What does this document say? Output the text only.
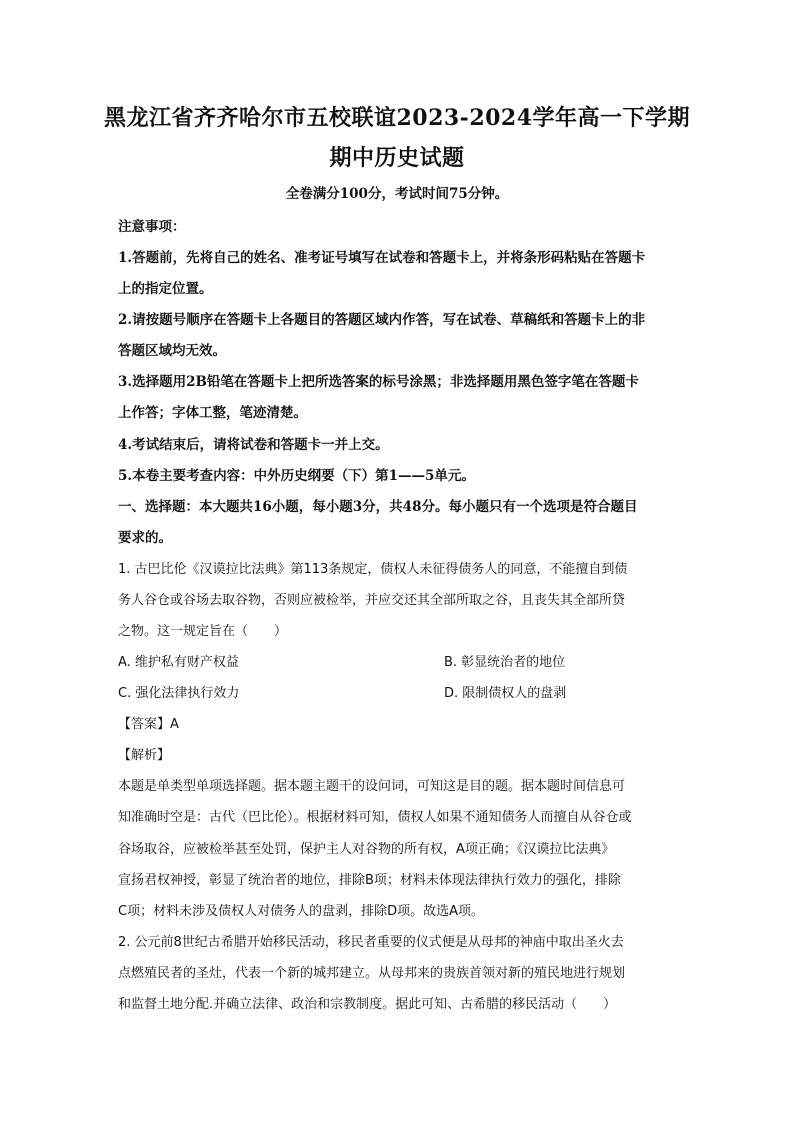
黑龙江省齐齐哈尔市五校联谊2023-2024学年高一下学期
期中历史试题
全卷满分100分，考试时间75分钟。
注意事项：
1.答题前，先将自己的姓名、准考证号填写在试卷和答题卡上，并将条形码粘贴在答题卡
上的指定位置。
2.请按题号顺序在答题卡上各题目的答题区域内作答，写在试卷、草稿纸和答题卡上的非
答题区域均无效。
3.选择题用2B铅笔在答题卡上把所选答案的标号涂黑；非选择题用黑色签字笔在答题卡
上作答；字体工整，笔迹清楚。
4.考试结束后，请将试卷和答题卡一并上交。
5.本卷主要考查内容：中外历史纲要（下）第1——5单元。
一、选择题：本大题共16小题，每小题3分，共48分。每小题只有一个选项是符合题目
要求的。
1. 古巴比伦《汉谟拉比法典》第113条规定，债权人未征得债务人的同意，不能擅自到债
务人谷仓或谷场去取谷物，否则应被检举，并应交还其全部所取之谷，且丧失其全部所贷
之物。这一规定旨在（　　）
A. 维护私有财产权益	B. 彰显统治者的地位
C. 强化法律执行效力	D. 限制债权人的盘剥
【答案】A
【解析】
本题是单类型单项选择题。据本题主题干的设问词，可知这是目的题。据本题时间信息可
知准确时空是：古代（巴比伦）。根据材料可知，债权人如果不通知债务人而擅自从谷仓或
谷场取谷，应被检举甚至处罚，保护主人对谷物的所有权，A项正确；《汉谟拉比法典》
宣扬君权神授，彰显了统治者的地位，排除B项；材料未体现法律执行效力的强化，排除
C项；材料未涉及债权人对债务人的盘剥，排除D项。故选A项。
2. 公元前8世纪古希腊开始移民活动，移民者重要的仪式便是从母邦的神庙中取出圣火去
点燃殖民者的圣灶，代表一个新的城邦建立。从母邦来的贵族首领对新的殖民地进行规划
和监督土地分配.并确立法律、政治和宗教制度。据此可知、古希腊的移民活动（　　）
